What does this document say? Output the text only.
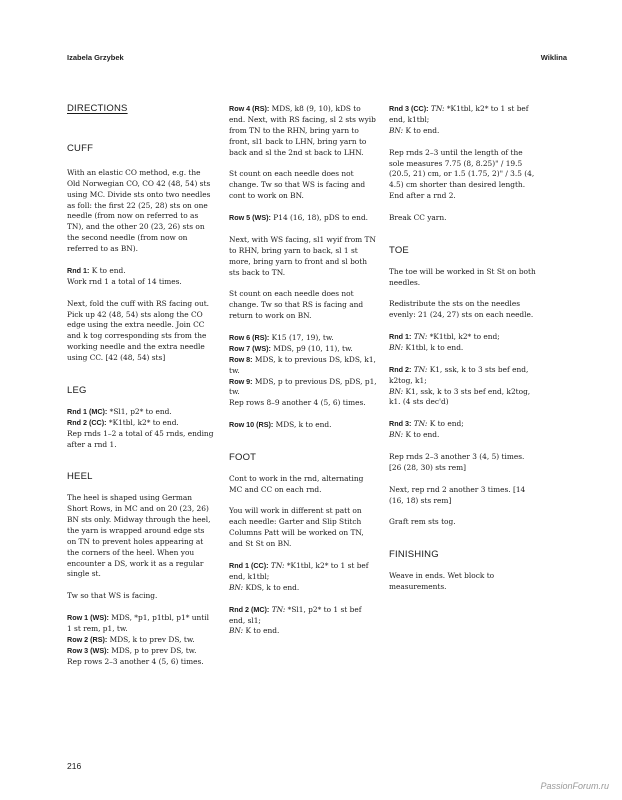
Izabela Grzybek	Wiklina
DIRECTIONS
CUFF

With an elastic CO method, e.g. the Old Norwegian CO, CO 42 (48, 54) sts using MC. Divide sts onto two needles as foll: the first 22 (25, 28) sts on one needle (from now on referred to as TN), and the other 20 (23, 26) sts on the second needle (from now on referred to as BN).

Rnd 1: K to end.

Work rnd 1 a total of 14 times.

Next, fold the cuff with RS facing out. Pick up 42 (48, 54) sts along the CO edge using the extra needle. Join CC and k tog corresponding sts from the working needle and the extra needle using CC. [42 (48, 54) sts]

LEG
Rnd 1 (MC): *Sl1, p2* to end.
Rnd 2 (CC): *K1tbl, k2* to end.

Rep rnds 1–2 a total of 45 rnds, ending after a rnd 1.

HEEL

The heel is shaped using German Short Rows, in MC and on 20 (23, 26) BN sts only. Midway through the heel, the yarn is wrapped around edge sts on TN to prevent holes appearing at the corners of the heel. When you encounter a DS, work it as a regular single st.

Tw so that WS is facing.

Row 1 (WS): MDS, *p1, p1tbl, p1* until 1 st rem, p1, tw.
Row 2 (RS): MDS, k to prev DS, tw.
Row 3 (WS): MDS, p to prev DS, tw.
Rep rows 2–3 another 4 (5, 6) times.

Row 4 (RS): MDS, k8 (9, 10), kDS to end. Next, with RS facing, sl 2 sts wyib from TN to the RHN, bring yarn to front, sl1 back to LHN, bring yarn to back and sl the 2nd st back to LHN.

St count on each needle does not change. Tw so that WS is facing and cont to work on BN.

Row 5 (WS): P14 (16, 18), pDS to end.

Next, with WS facing, sl1 wyif from TN to RHN, bring yarn to back, sl 1 st more, bring yarn to front and sl both sts back to TN.

St count on each needle does not change. Tw so that RS is facing and return to work on BN.

Row 6 (RS): K15 (17, 19), tw.
Row 7 (WS): MDS, p9 (10, 11), tw.
Row 8: MDS, k to previous DS, kDS, k1, tw.
Row 9: MDS, p to previous DS, pDS, p1, tw.

Rep rows 8–9 another 4 (5, 6) times.

Row 10 (RS): MDS, k to end.

FOOT

Cont to work in the rnd, alternating MC and CC on each rnd.

You will work in different st patt on each needle: Garter and Slip Stitch Columns Patt will be worked on TN, and St St on BN.

Rnd 1 (CC): TN: *K1tbl, k2* to 1 st bef end, k1tbl;
BN: KDS, k to end.

Rnd 2 (MC): TN: *Sl1, p2* to 1 st bef end, sl1;
BN: K to end.

Rnd 3 (CC): TN: *K1tbl, k2* to 1 st bef end, k1tbl;
BN: K to end.

Rep rnds 2–3 until the length of the sole measures 7.75 (8, 8.25)" / 19.5 (20.5, 21) cm, or 1.5 (1.75, 2)" / 3.5 (4, 4.5) cm shorter than desired length. End after a rnd 2.

Break CC yarn.

TOE

The toe will be worked in St St on both needles.

Redistribute the sts on the needles evenly: 21 (24, 27) sts on each needle.

Rnd 1: TN: *K1tbl, k2* to end;
BN: K1tbl, k to end.

Rnd 2: TN: K1, ssk, k to 3 sts bef end, k2tog, k1;
BN: K1, ssk, k to 3 sts bef end, k2tog, k1. (4 sts dec'd)

Rnd 3: TN: K to end;
BN: K to end.

Rep rnds 2–3 another 3 (4, 5) times. [26 (28, 30) sts rem]

Next, rep rnd 2 another 3 times. [14 (16, 18) sts rem]

Graft rem sts tog.

FINISHING

Weave in ends. Wet block to measurements.

216
PassionForum.ru
